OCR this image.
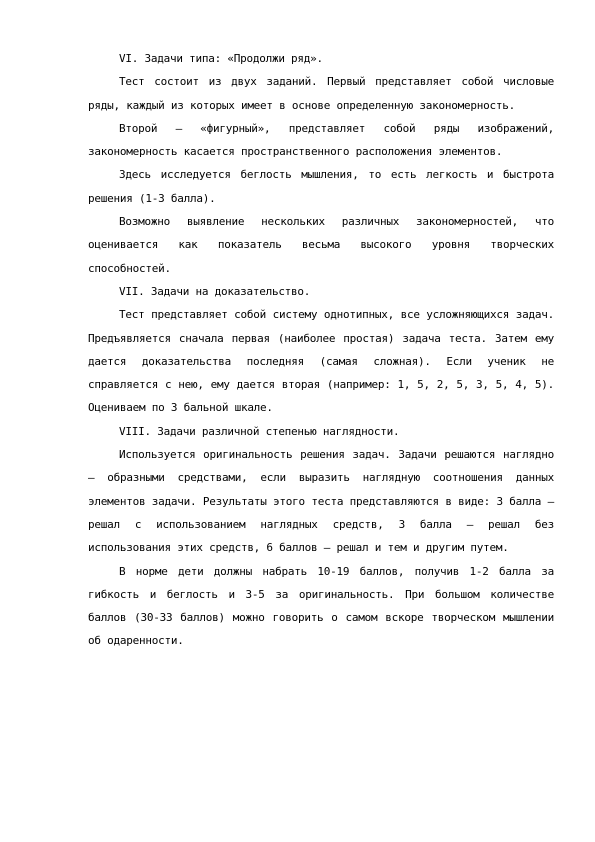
VI. Задачи типа: «Продолжи ряд».

Тест состоит из двух заданий. Первый представляет собой числовые ряды, каждый из которых имеет в основе определенную закономерность.

Второй – «фигурный», представляет собой ряды изображений, закономерность касается пространственного расположения элементов.

Здесь исследуется беглость мышления, то есть легкость и быстрота решения (1-3 балла).

Возможно выявление нескольких различных закономерностей, что оценивается как показатель весьма высокого уровня творческих способностей.

VII. Задачи на доказательство.

Тест представляет собой систему однотипных, все усложняющихся задач. Предъявляется сначала первая (наиболее простая) задача теста. Затем ему дается доказательства последняя (самая сложная). Если ученик не справляется с нею, ему дается вторая (например: 1, 5, 2, 5, 3, 5, 4, 5). Оцениваем по 3 бальной шкале.

VIII. Задачи различной степенью наглядности.

Используется оригинальность решения задач. Задачи решаются наглядно – образными средствами, если выразить наглядную соотношения данных элементов задачи. Результаты этого теста представляются в виде: 3 балла – решал с использованием наглядных средств, 3 балла – решал без использования этих средств, 6 баллов – решал и тем и другим путем.

В норме дети должны набрать 10-19 баллов, получив 1-2 балла за гибкость и беглость и 3-5 за оригинальность. При большом количестве баллов (30-33 баллов) можно говорить о самом вскоре творческом мышлении об одаренности.
